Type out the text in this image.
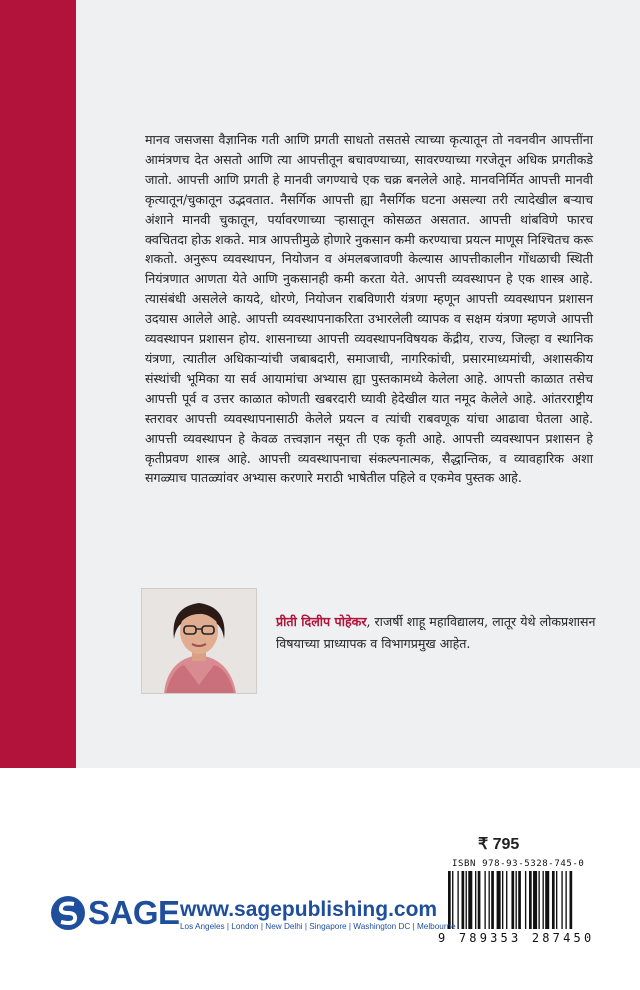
मानव जसजसा वैज्ञानिक गती आणि प्रगती साधतो तसतसे त्याच्या कृत्यातून तो नवनवीन आपत्तींना आमंत्रणच देत असतो आणि त्या आपत्तीतून बचावण्याच्या, सावरण्याच्या गरजेतून अधिक प्रगतीकडे जातो. आपत्ती आणि प्रगती हे मानवी जगण्याचे एक चक्र बनलेले आहे. मानवनिर्मित आपत्ती मानवी कृत्यातून/चुकातून उद्भवतात. नैसर्गिक आपत्ती ह्या नैसर्गिक घटना असल्या तरी त्यादेखील बऱ्याच अंशाने मानवी चुकातून, पर्यावरणाच्या ऱ्हासातून कोसळत असतात. आपत्ती थांबविणे फारच क्वचितदा होऊ शकते. मात्र आपत्तीमुळे होणारे नुकसान कमी करण्याचा प्रयत्न माणूस निश्चितच करू शकतो. अनुरूप व्यवस्थापन, नियोजन व अंमलबजावणी केल्यास आपत्तीकालीन गोंधळाची स्थिती नियंत्रणात आणता येते आणि नुकसानही कमी करता येते. आपत्ती व्यवस्थापन हे एक शास्त्र आहे. त्यासंबंधी असलेले कायदे, धोरणे, नियोजन राबविणारी यंत्रणा म्हणून आपत्ती व्यवस्थापन प्रशासन उदयास आलेले आहे. आपत्ती व्यवस्थापनाकरिता उभारलेली व्यापक व सक्षम यंत्रणा म्हणजे आपत्ती व्यवस्थापन प्रशासन होय. शासनाच्या आपत्ती व्यवस्थापनविषयक केंद्रीय, राज्य, जिल्हा व स्थानिक यंत्रणा, त्यातील अधिकाऱ्यांची जबाबदारी, समाजाची, नागरिकांची, प्रसारमाध्यमांची, अशासकीय संस्थांची भूमिका या सर्व आयामांचा अभ्यास ह्या पुस्तकामध्ये केलेला आहे. आपत्ती काळात तसेच आपत्ती पूर्व व उत्तर काळात कोणती खबरदारी घ्यावी हेदेखील यात नमूद केलेले आहे. आंतरराष्ट्रीय स्तरावर आपत्ती व्यवस्थापनासाठी केलेले प्रयत्न व त्यांची राबवणूक यांचा आढावा घेतला आहे. आपत्ती व्यवस्थापन हे केवळ तत्त्वज्ञान नसून ती एक कृती आहे. आपत्ती व्यवस्थापन प्रशासन हे कृतीप्रवण शास्त्र आहे. आपत्ती व्यवस्थापनाचा संकल्पनात्मक, सैद्धान्तिक, व व्यावहारिक अशा सगळ्याच पातळ्यांवर अभ्यास करणारे मराठी भाषेतील पहिले व एकमेव पुस्तक आहे.

प्रीती दिलीप पोहेकर, राजर्षी शाहू महाविद्यालय, लातूर येथे लोकप्रशासन विषयाच्या प्राध्यापक व विभागप्रमुख आहेत.

₹ 795
ISBN 978-93-5328-745-0
9 789353 287450
SAGE www.sagepublishing.com
Los Angeles | London | New Delhi | Singapore | Washington DC | Melbourne
